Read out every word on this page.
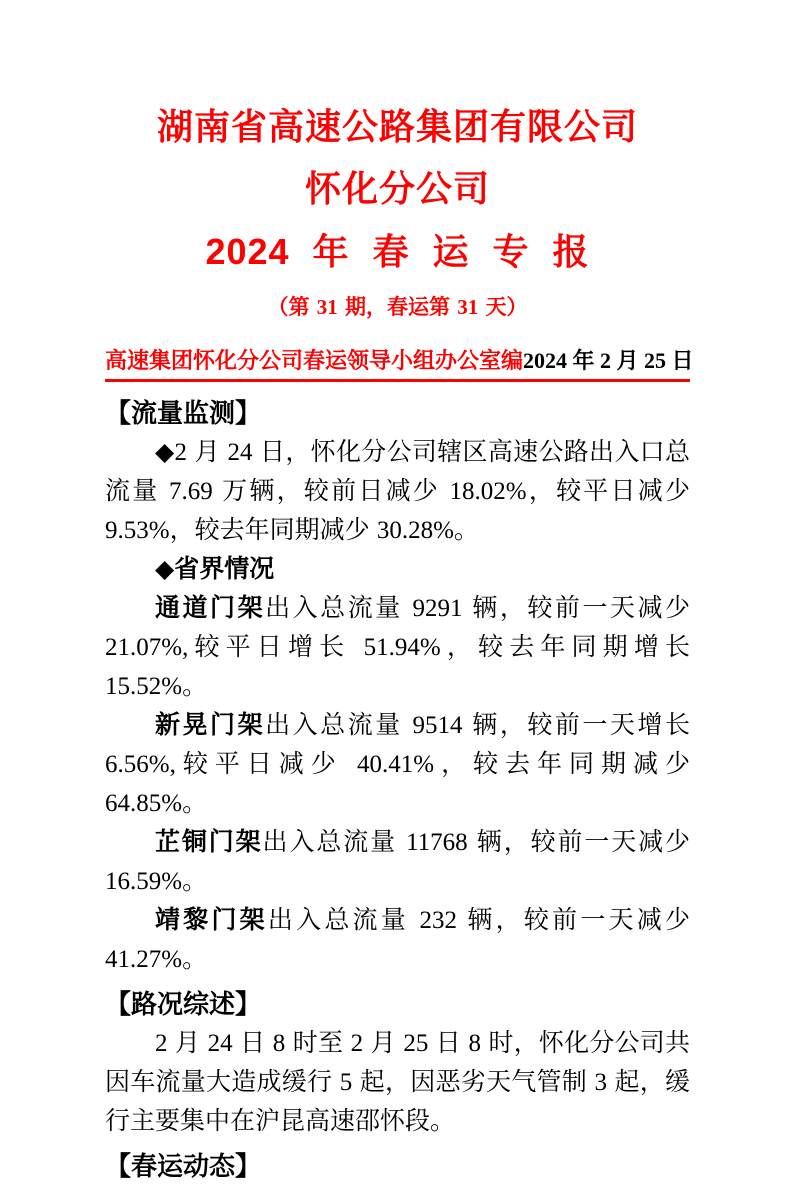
湖南省高速公路集团有限公司
怀化分公司
2024 年 春 运 专 报
（第 31 期，春运第 31 天）
高速集团怀化分公司春运领导小组办公室编 2024 年 2 月 25 日
【流量监测】

◆2 月 24 日，怀化分公司辖区高速公路出入口总流量 7.69 万辆，较前日减少 18.02%，较平日减少 9.53%，较去年同期减少 30.28%。

◆省界情况

通道门架出入总流量 9291 辆，较前一天减少 21.07%,较平日增长 51.94%，较去年同期增长 15.52%。

新晃门架出入总流量 9514 辆，较前一天增长 6.56%,较平日减少 40.41%，较去年同期减少 64.85%。

芷铜门架出入总流量 11768 辆，较前一天减少 16.59%。

靖黎门架出入总流量 232 辆，较前一天减少 41.27%。

【路况综述】

2 月 24 日 8 时至 2 月 25 日 8 时，怀化分公司共因车流量大造成缓行 5 起，因恶劣天气管制 3 起，缓行主要集中在沪昆高速邵怀段。

【春运动态】
